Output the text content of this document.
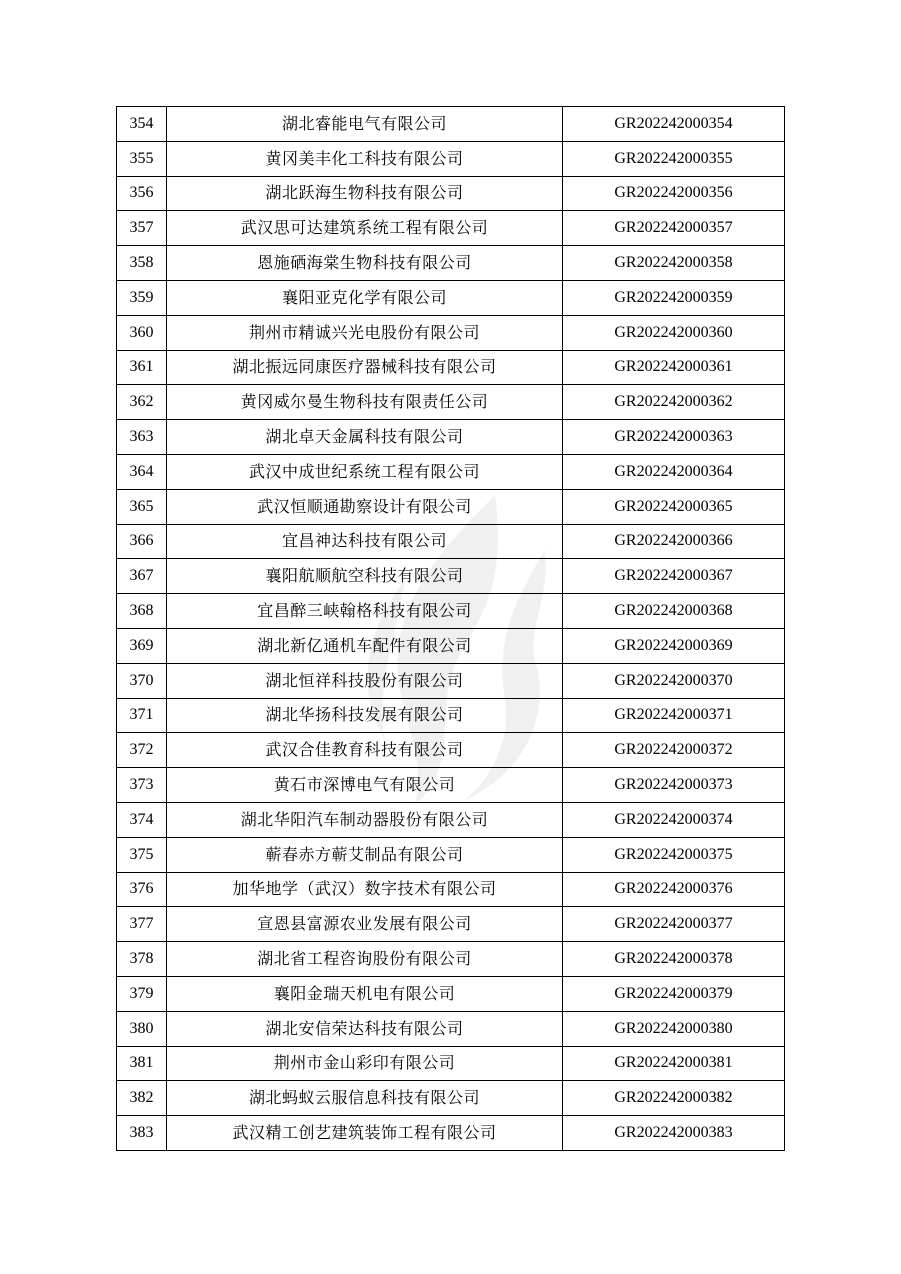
354	湖北睿能电气有限公司	GR202242000354
355	黄冈美丰化工科技有限公司	GR202242000355
356	湖北跃海生物科技有限公司	GR202242000356
357	武汉思可达建筑系统工程有限公司	GR202242000357
358	恩施硒海棠生物科技有限公司	GR202242000358
359	襄阳亚克化学有限公司	GR202242000359
360	荆州市精诚兴光电股份有限公司	GR202242000360
361	湖北振远同康医疗器械科技有限公司	GR202242000361
362	黄冈威尔曼生物科技有限责任公司	GR202242000362
363	湖北卓天金属科技有限公司	GR202242000363
364	武汉中成世纪系统工程有限公司	GR202242000364
365	武汉恒顺通勘察设计有限公司	GR202242000365
366	宜昌神达科技有限公司	GR202242000366
367	襄阳航顺航空科技有限公司	GR202242000367
368	宜昌醉三峡翰格科技有限公司	GR202242000368
369	湖北新亿通机车配件有限公司	GR202242000369
370	湖北恒祥科技股份有限公司	GR202242000370
371	湖北华扬科技发展有限公司	GR202242000371
372	武汉合佳教育科技有限公司	GR202242000372
373	黄石市深博电气有限公司	GR202242000373
374	湖北华阳汽车制动器股份有限公司	GR202242000374
375	蕲春赤方蕲艾制品有限公司	GR202242000375
376	加华地学（武汉）数字技术有限公司	GR202242000376
377	宣恩县富源农业发展有限公司	GR202242000377
378	湖北省工程咨询股份有限公司	GR202242000378
379	襄阳金瑞天机电有限公司	GR202242000379
380	湖北安信荣达科技有限公司	GR202242000380
381	荆州市金山彩印有限公司	GR202242000381
382	湖北蚂蚁云服信息科技有限公司	GR202242000382
383	武汉精工创艺建筑装饰工程有限公司	GR202242000383
